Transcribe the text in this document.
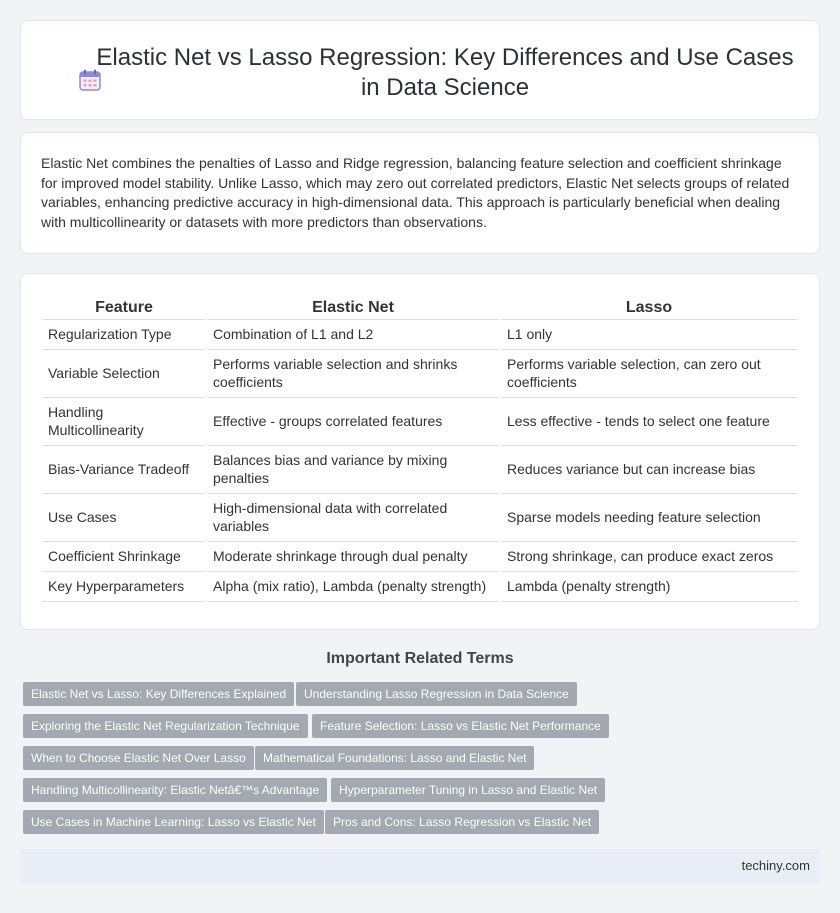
Elastic Net vs Lasso Regression: Key Differences and Use Cases in Data Science

Elastic Net combines the penalties of Lasso and Ridge regression, balancing feature selection and coefficient shrinkage for improved model stability. Unlike Lasso, which may zero out correlated predictors, Elastic Net selects groups of related variables, enhancing predictive accuracy in high-dimensional data. This approach is particularly beneficial when dealing with multicollinearity or datasets with more predictors than observations.

Feature	Elastic Net	Lasso
Regularization Type	Combination of L1 and L2	L1 only
Variable Selection	Performs variable selection and shrinks coefficients	Performs variable selection, can zero out coefficients
Handling Multicollinearity	Effective - groups correlated features	Less effective - tends to select one feature
Bias-Variance Tradeoff	Balances bias and variance by mixing penalties	Reduces variance but can increase bias
Use Cases	High-dimensional data with correlated variables	Sparse models needing feature selection
Coefficient Shrinkage	Moderate shrinkage through dual penalty	Strong shrinkage, can produce exact zeros
Key Hyperparameters	Alpha (mix ratio), Lambda (penalty strength)	Lambda (penalty strength)
Important Related Terms
Elastic Net vs Lasso: Key Differences Explained	Understanding Lasso Regression in Data Science
Exploring the Elastic Net Regularization Technique	Feature Selection: Lasso vs Elastic Net Performance
When to Choose Elastic Net Over Lasso	Mathematical Foundations: Lasso and Elastic Net
Handling Multicollinearity: Elastic Netâ€™s Advantage	Hyperparameter Tuning in Lasso and Elastic Net
Use Cases in Machine Learning: Lasso vs Elastic Net	Pros and Cons: Lasso Regression vs Elastic Net
techiny.com
